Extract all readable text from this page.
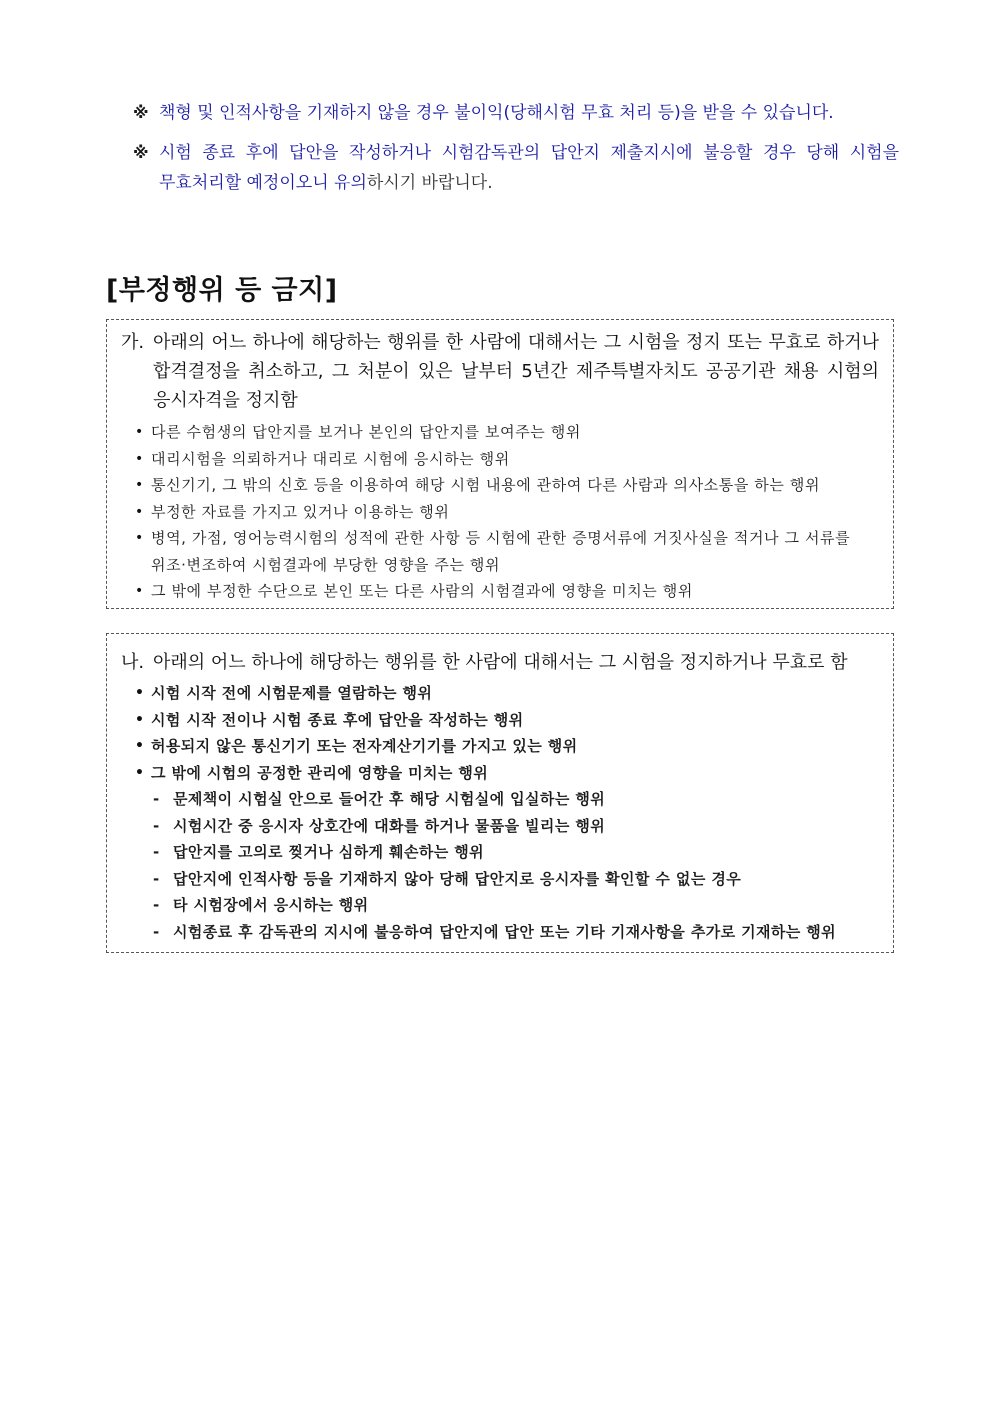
※ 책형 및 인적사항을 기재하지 않을 경우 불이익(당해시험 무효 처리 등)을 받을 수 있습니다.
※ 시험 종료 후에 답안을 작성하거나 시험감독관의 답안지 제출지시에 불응할 경우 당해 시험을 무효처리할 예정이오니 유의하시기 바랍니다.
[부정행위 등 금지]
가. 아래의 어느 하나에 해당하는 행위를 한 사람에 대해서는 그 시험을 정지 또는 무효로 하거나 합격결정을 취소하고, 그 처분이 있은 날부터 5년간 제주특별자치도 공공기관 채용 시험의 응시자격을 정지함
• 다른 수험생의 답안지를 보거나 본인의 답안지를 보여주는 행위
• 대리시험을 의뢰하거나 대리로 시험에 응시하는 행위
• 통신기기, 그 밖의 신호 등을 이용하여 해당 시험 내용에 관하여 다른 사람과 의사소통을 하는 행위
• 부정한 자료를 가지고 있거나 이용하는 행위
• 병역, 가점, 영어능력시험의 성적에 관한 사항 등 시험에 관한 증명서류에 거짓사실을 적거나 그 서류를 위조·변조하여 시험결과에 부당한 영향을 주는 행위
• 그 밖에 부정한 수단으로 본인 또는 다른 사람의 시험결과에 영향을 미치는 행위
나. 아래의 어느 하나에 해당하는 행위를 한 사람에 대해서는 그 시험을 정지하거나 무효로 함
• 시험 시작 전에 시험문제를 열람하는 행위
• 시험 시작 전이나 시험 종료 후에 답안을 작성하는 행위
• 허용되지 않은 통신기기 또는 전자계산기기를 가지고 있는 행위
• 그 밖에 시험의 공정한 관리에 영향을 미치는 행위
- 문제책이 시험실 안으로 들어간 후 해당 시험실에 입실하는 행위
- 시험시간 중 응시자 상호간에 대화를 하거나 물품을 빌리는 행위
- 답안지를 고의로 찢거나 심하게 훼손하는 행위
- 답안지에 인적사항 등을 기재하지 않아 당해 답안지로 응시자를 확인할 수 없는 경우
- 타 시험장에서 응시하는 행위
- 시험종료 후 감독관의 지시에 불응하여 답안지에 답안 또는 기타 기재사항을 추가로 기재하는 행위
